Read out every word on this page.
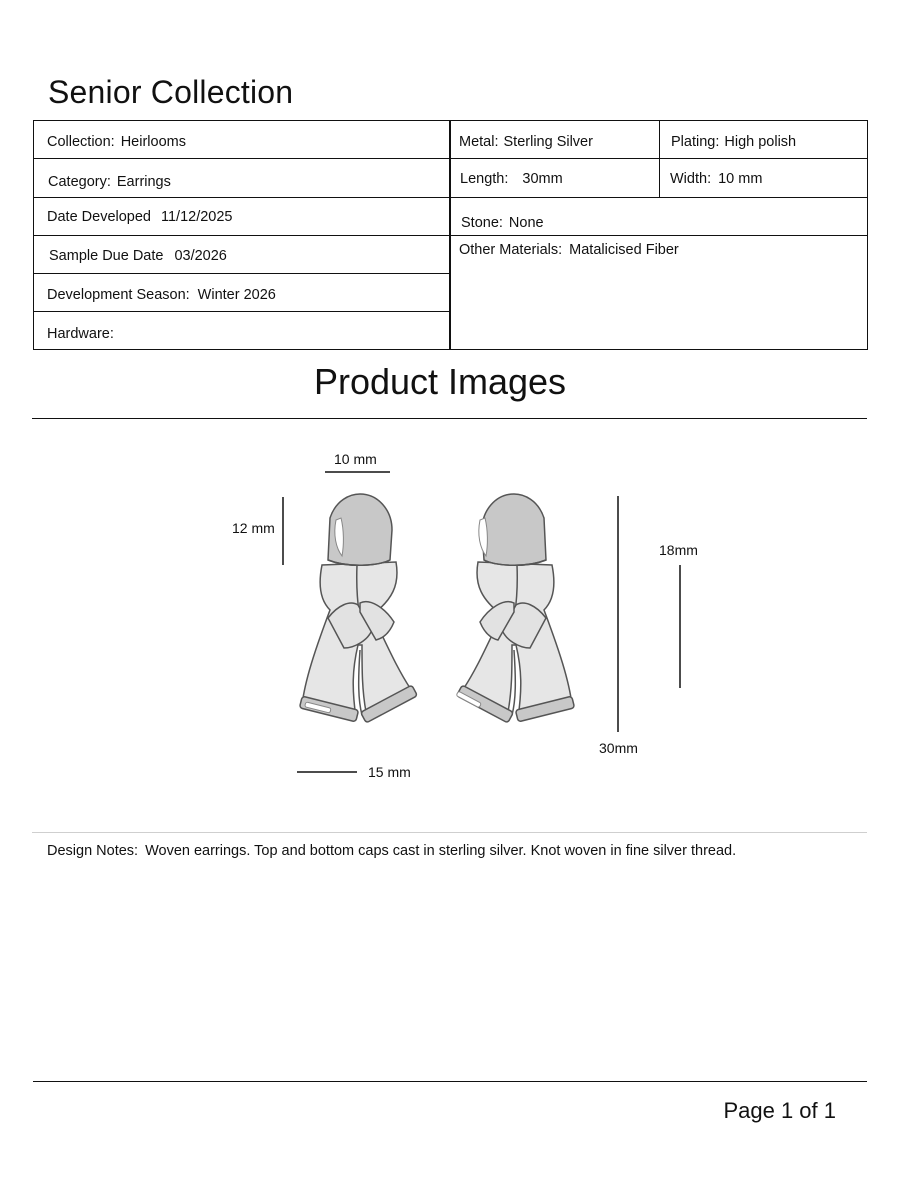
Senior Collection
Collection: Heirlooms
Category: Earrings
Date Developed 11/12/2025
Sample Due Date 03/2026
Development Season: Winter 2026
Hardware:
Metal: Sterling Silver	Plating: High polish
Length: 30mm	Width: 10 mm
Stone: None
Other Materials: Matalicised Fiber
Product Images
10 mm
12 mm
18mm
30mm
15 mm
Design Notes: Woven earrings. Top and bottom caps cast in sterling silver. Knot woven in fine silver thread.
Page 1 of 1
